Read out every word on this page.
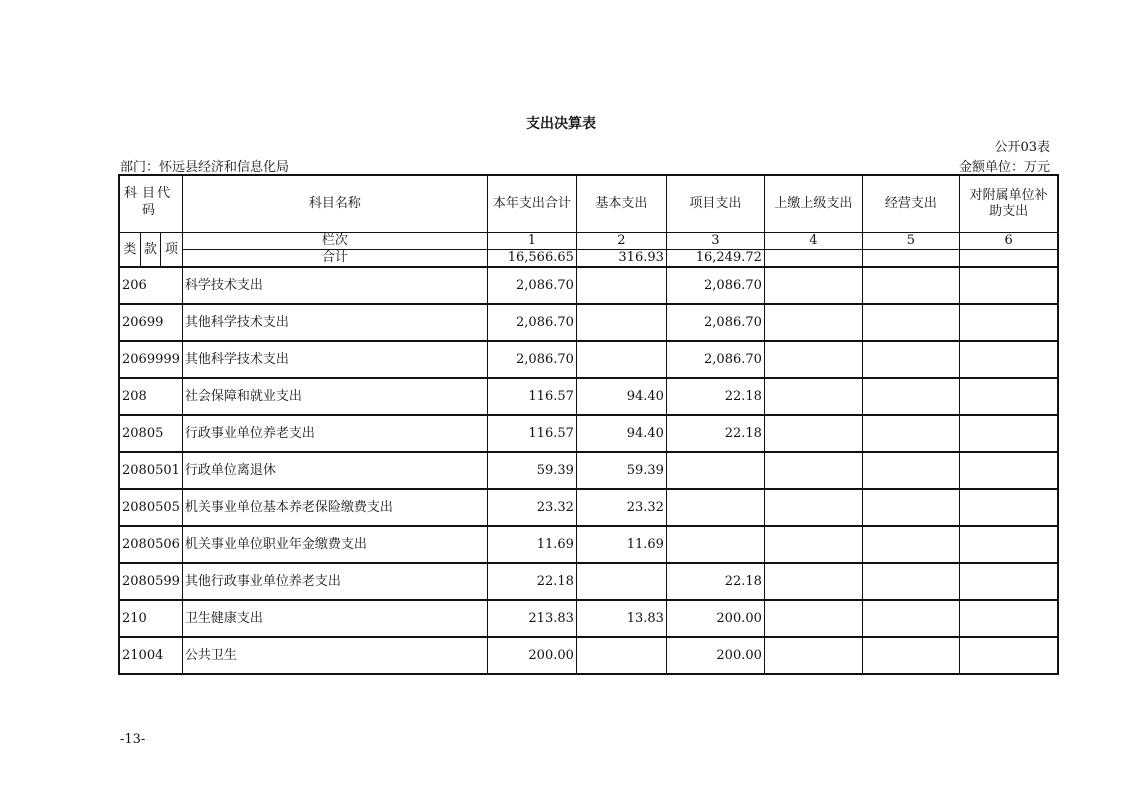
支出决算表
公开03表
部门：怀远县经济和信息化局	金额单位：万元
科 目 代
码			科目名称	本年支出合计	基本支出	项目支出	上缴上级支出	经营支出	对附属单位补助支出
类	款	项	栏次	1	2	3	4	5	6
			合计	16,566.65	316.93	16,249.72			
206			科学技术支出	2,086.70		2,086.70			
20699			其他科学技术支出	2,086.70		2,086.70			
2069999			其他科学技术支出	2,086.70		2,086.70			
208			社会保障和就业支出	116.57	94.40	22.18			
20805			行政事业单位养老支出	116.57	94.40	22.18			
2080501			行政单位离退休	59.39	59.39				
2080505			机关事业单位基本养老保险缴费支出	23.32	23.32				
2080506			机关事业单位职业年金缴费支出	11.69	11.69				
2080599			其他行政事业单位养老支出	22.18		22.18			
210			卫生健康支出	213.83	13.83	200.00			
21004			公共卫生	200.00		200.00			
-13-
